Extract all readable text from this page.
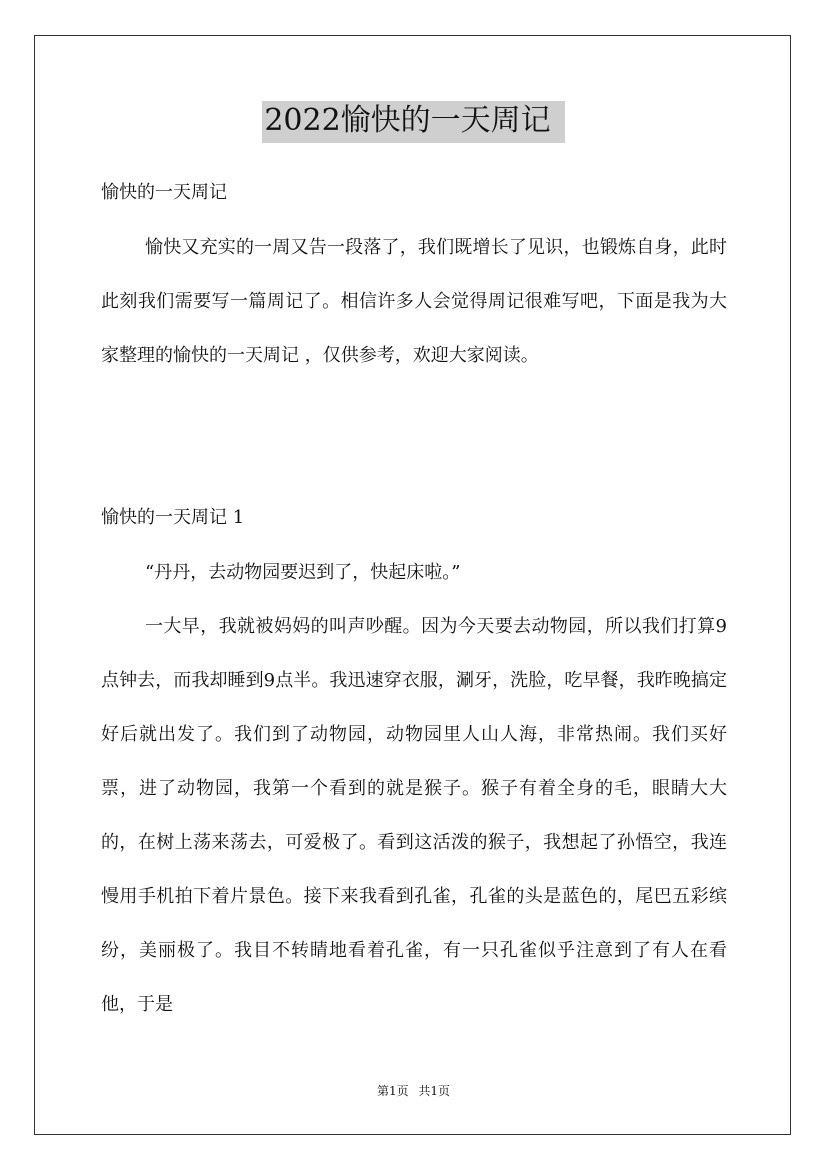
2022愉快的一天周记

愉快的一天周记

愉快又充实的一周又告一段落了，我们既增长了见识，也锻炼自身，此时此刻我们需要写一篇周记了。相信许多人会觉得周记很难写吧，下面是我为大家整理的愉快的一天周记 ，仅供参考，欢迎大家阅读。

愉快的一天周记 1

“丹丹，去动物园要迟到了，快起床啦。”

一大早，我就被妈妈的叫声吵醒。因为今天要去动物园，所以我们打算9点钟去，而我却睡到9点半。我迅速穿衣服，涮牙，洗脸，吃早餐，我昨晚搞定好后就出发了。我们到了动物园，动物园里人山人海，非常热闹。我们买好票，进了动物园，我第一个看到的就是猴子。猴子有着全身的毛，眼睛大大的，在树上荡来荡去，可爱极了。看到这活泼的猴子，我想起了孙悟空，我连慢用手机拍下着片景色。接下来我看到孔雀，孔雀的头是蓝色的，尾巴五彩缤纷，美丽极了。我目不转睛地看着孔雀，有一只孔雀似乎注意到了有人在看他，于是

第1页 共1页
